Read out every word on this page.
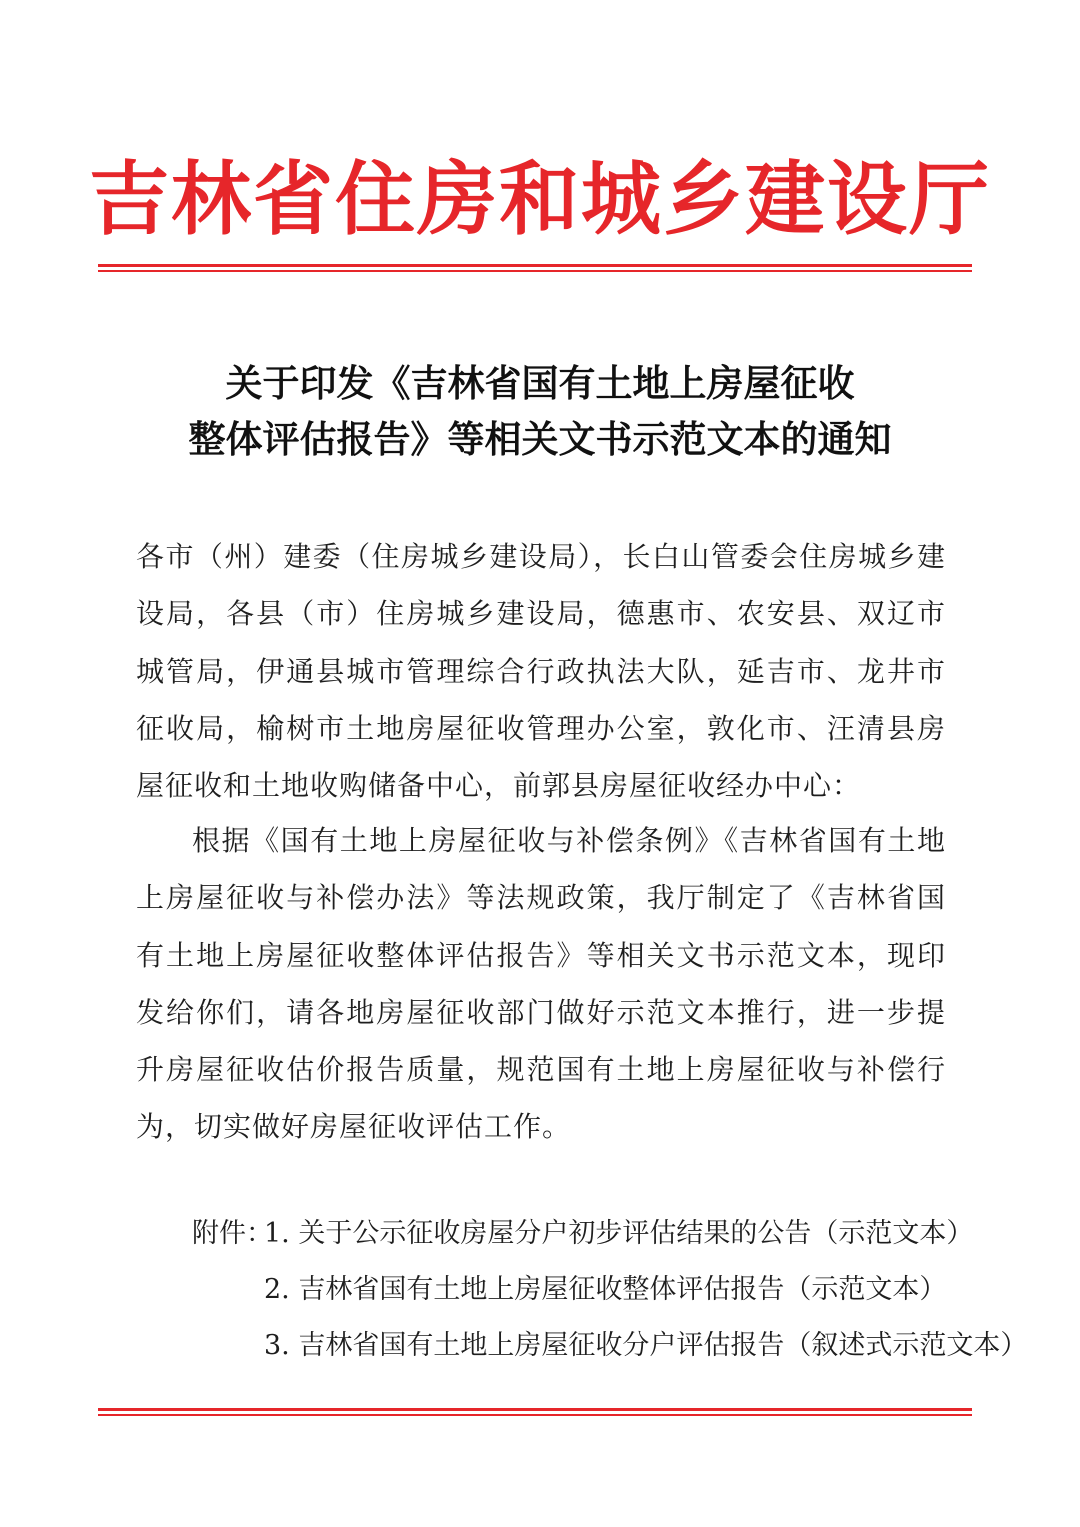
吉林省住房和城乡建设厅
关于印发《吉林省国有土地上房屋征收
整体评估报告》等相关文书示范文本的通知
各市（州）建委（住房城乡建设局），长白山管委会住房城乡建设局，各县（市）住房城乡建设局，德惠市、农安县、双辽市城管局，伊通县城市管理综合行政执法大队，延吉市、龙井市征收局，榆树市土地房屋征收管理办公室，敦化市、汪清县房屋征收和土地收购储备中心，前郭县房屋征收经办中心：
根据《国有土地上房屋征收与补偿条例》《吉林省国有土地上房屋征收与补偿办法》等法规政策，我厅制定了《吉林省国有土地上房屋征收整体评估报告》等相关文书示范文本，现印发给你们，请各地房屋征收部门做好示范文本推行，进一步提升房屋征收估价报告质量，规范国有土地上房屋征收与补偿行为，切实做好房屋征收评估工作。
附件：
1. 关于公示征收房屋分户初步评估结果的公告（示范文本）
2. 吉林省国有土地上房屋征收整体评估报告（示范文本）
3. 吉林省国有土地上房屋征收分户评估报告（叙述式示范文本）
